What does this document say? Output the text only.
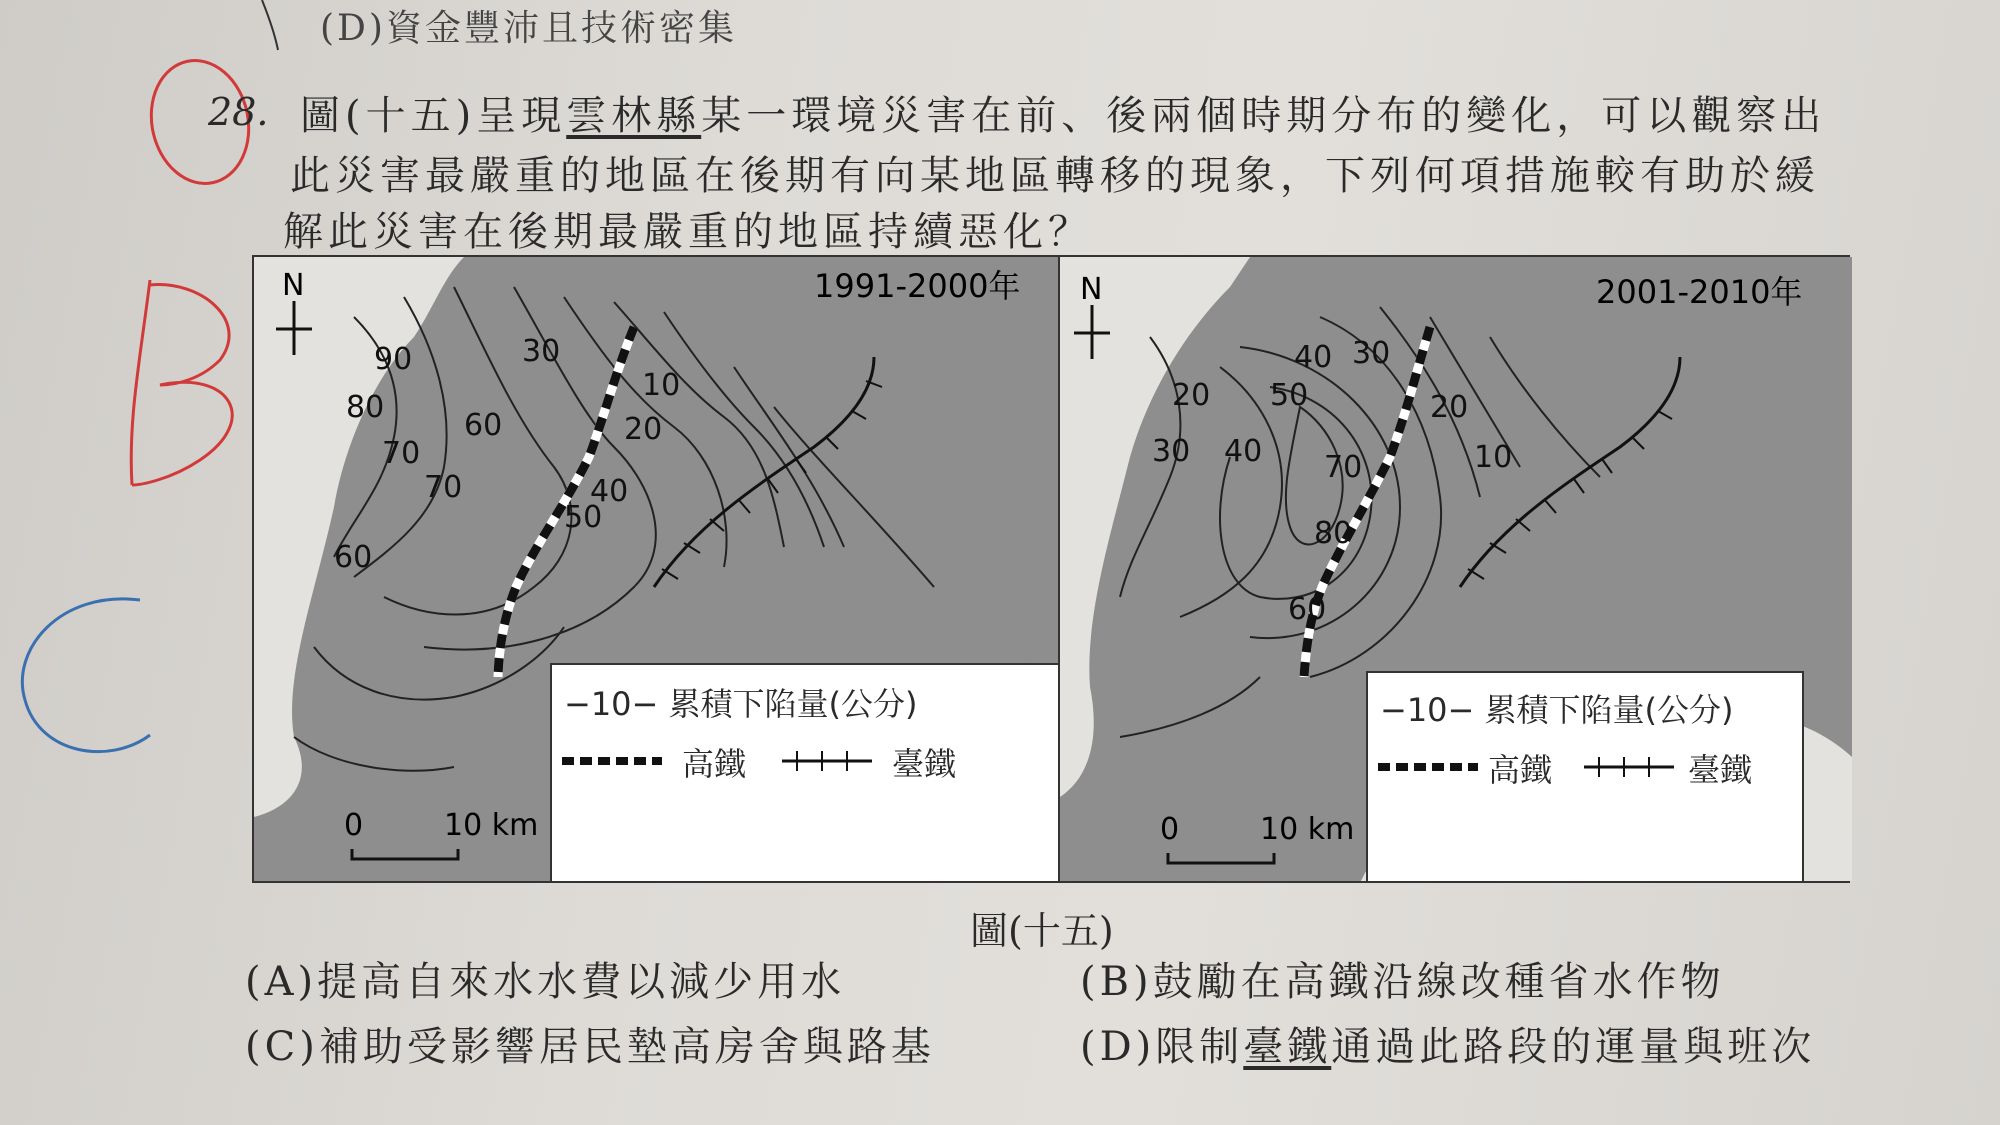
(D)資金豐沛且技術密集
28. 圖(十五)呈現雲林縣某一環境災害在前、後兩個時期分布的變化，可以觀察出
此災害最嚴重的地區在後期有向某地區轉移的現象，下列何項措施較有助於緩
解此災害在後期最嚴重的地區持續惡化？
N
90
80
70
70
60
60
30
10
20
40
50
1991-2000年
0	10 km
−10− 累積下陷量(公分)
高鐵	臺鐵
N
40 30
20 50	20
30 40 70	10
80
60
2001-2010年
0	10 km
−10− 累積下陷量(公分)
高鐵	臺鐵
圖(十五)
(A)提高自來水水費以減少用水	(B)鼓勵在高鐵沿線改種省水作物
(C)補助受影響居民墊高房舍與路基	(D)限制臺鐵通過此路段的運量與班次
